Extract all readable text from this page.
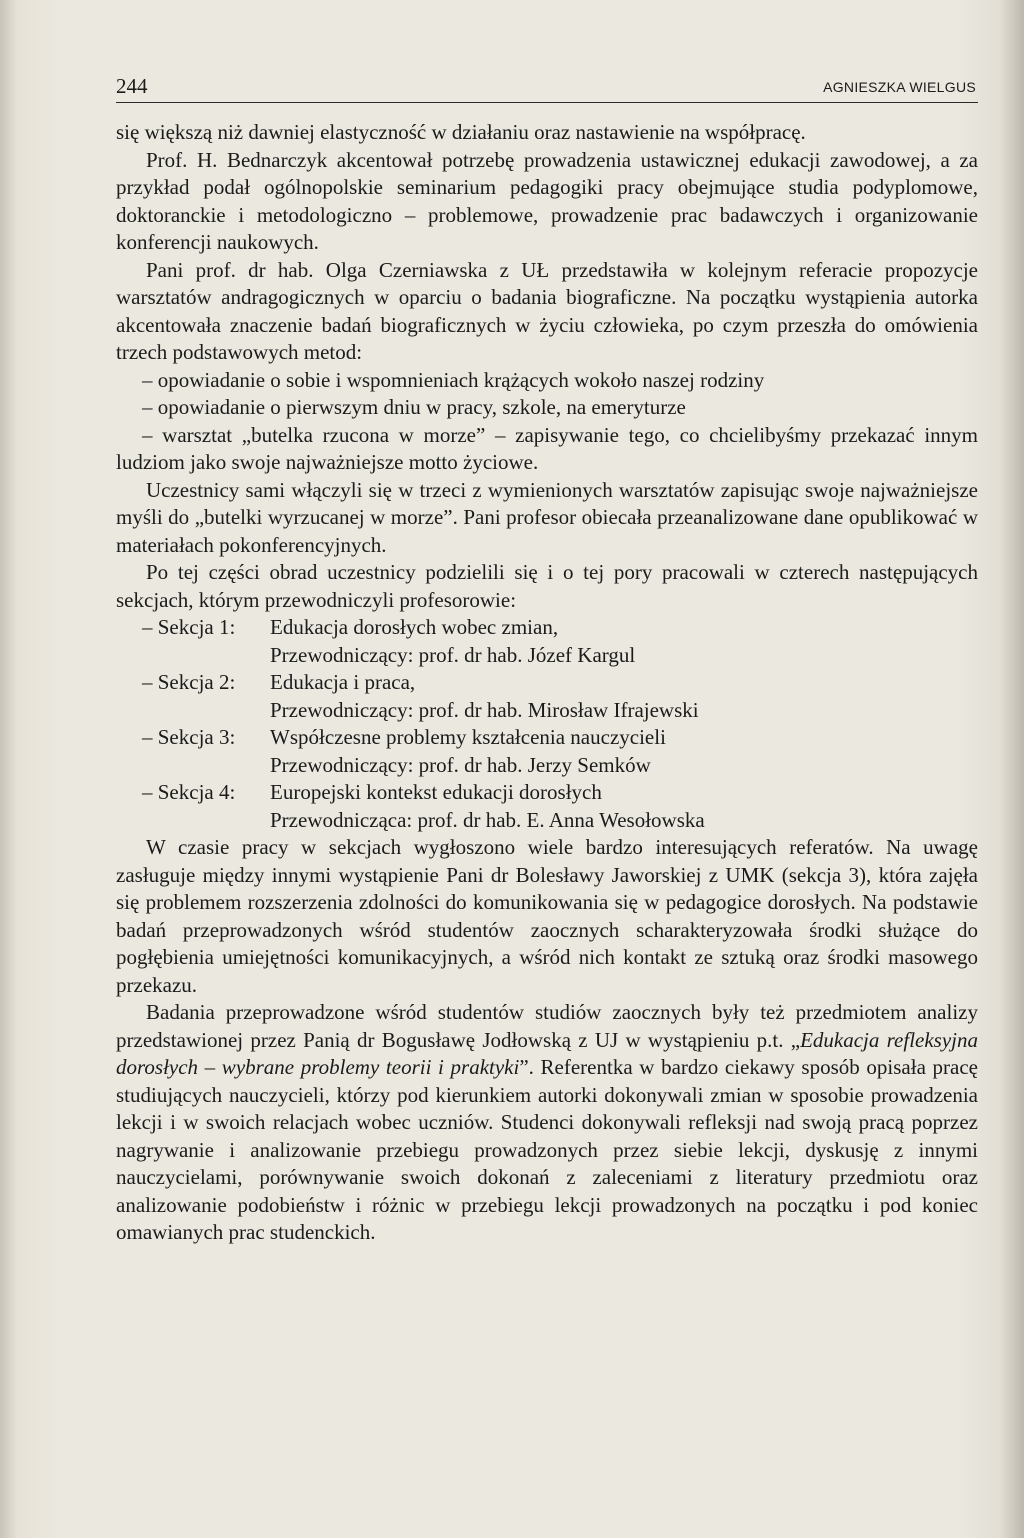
244	AGNIESZKA WIELGUS

się większą niż dawniej elastyczność w działaniu oraz nastawienie na współpracę.

Prof. H. Bednarczyk akcentował potrzebę prowadzenia ustawicznej edukacji zawodowej, a za przykład podał ogólnopolskie seminarium pedagogiki pracy obejmujące studia podyplomowe, doktoranckie i metodologiczno – problemowe, prowadzenie prac badawczych i organizowanie konferencji naukowych.

Pani prof. dr hab. Olga Czerniawska z UŁ przedstawiła w kolejnym referacie propozycje warsztatów andragogicznych w oparciu o badania biograficzne. Na początku wystąpienia autorka akcentowała znaczenie badań biograficznych w życiu człowieka, po czym przeszła do omówienia trzech podstawowych metod:

– opowiadanie o sobie i wspomnieniach krążących wokoło naszej rodziny

– opowiadanie o pierwszym dniu w pracy, szkole, na emeryturze

– warsztat „butelka rzucona w morze” – zapisywanie tego, co chcielibyśmy przekazać innym ludziom jako swoje najważniejsze motto życiowe.

Uczestnicy sami włączyli się w trzeci z wymienionych warsztatów zapisując swoje najważniejsze myśli do „butelki wyrzucanej w morze”. Pani profesor obiecała przeanalizowane dane opublikować w materiałach pokonferencyjnych.

Po tej części obrad uczestnicy podzielili się i o tej pory pracowali w czterech następujących sekcjach, którym przewodniczyli profesorowie:

– Sekcja 1:	Edukacja dorosłych wobec zmian,

Przewodniczący: prof. dr hab. Józef Kargul

– Sekcja 2:	Edukacja i praca,

Przewodniczący: prof. dr hab. Mirosław Ifrajewski

– Sekcja 3:	Współczesne problemy kształcenia nauczycieli

Przewodniczący: prof. dr hab. Jerzy Semków

– Sekcja 4:	Europejski kontekst edukacji dorosłych

Przewodnicząca: prof. dr hab. E. Anna Wesołowska

W czasie pracy w sekcjach wygłoszono wiele bardzo interesujących referatów. Na uwagę zasługuje między innymi wystąpienie Pani dr Bolesławy Jaworskiej z UMK (sekcja 3), która zajęła się problemem rozszerzenia zdolności do komunikowania się w pedagogice dorosłych. Na podstawie badań przeprowadzonych wśród studentów zaocznych scharakteryzowała środki służące do pogłębienia umiejętności komunikacyjnych, a wśród nich kontakt ze sztuką oraz środki masowego przekazu.

Badania przeprowadzone wśród studentów studiów zaocznych były też przedmiotem analizy przedstawionej przez Panią dr Bogusławę Jodłowską z UJ w wystąpieniu p.t. „Edukacja refleksyjna dorosłych – wybrane problemy teorii i praktyki”. Referentka w bardzo ciekawy sposób opisała pracę studiujących nauczycieli, którzy pod kierunkiem autorki dokonywali zmian w sposobie prowadzenia lekcji i w swoich relacjach wobec uczniów. Studenci dokonywali refleksji nad swoją pracą poprzez nagrywanie i analizowanie przebiegu prowadzonych przez siebie lekcji, dyskusję z innymi nauczycielami, porównywanie swoich dokonań z zaleceniami z literatury przedmiotu oraz analizowanie podobieństw i różnic w przebiegu lekcji prowadzonych na początku i pod koniec omawianych prac studenckich.
